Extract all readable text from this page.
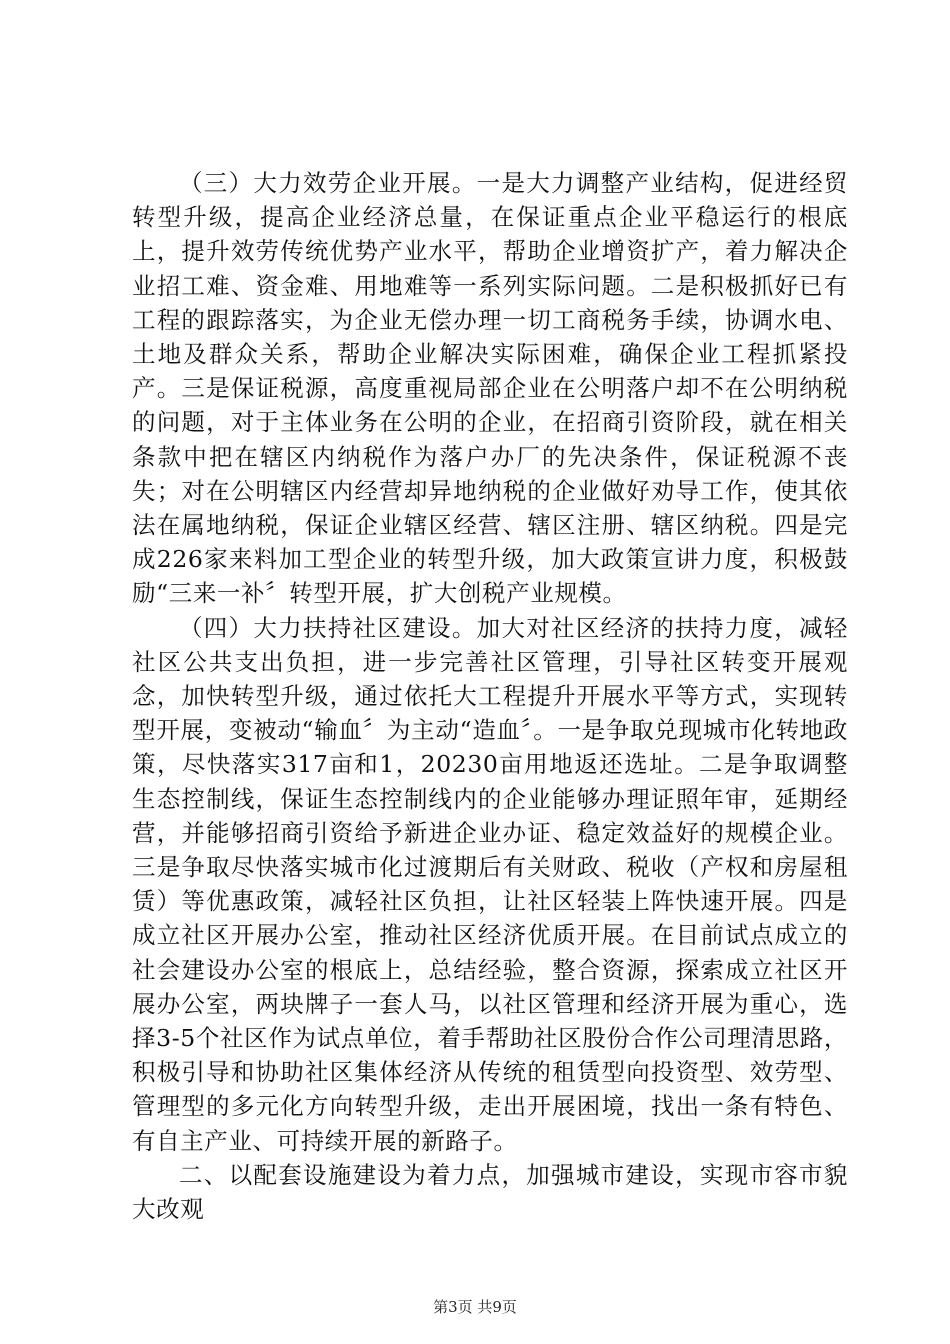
（三）大力效劳企业开展。一是大力调整产业结构，促进经贸转型升级，提高企业经济总量，在保证重点企业平稳运行的根底上，提升效劳传统优势产业水平，帮助企业增资扩产，着力解决企业招工难、资金难、用地难等一系列实际问题。二是积极抓好已有工程的跟踪落实，为企业无偿办理一切工商税务手续，协调水电、土地及群众关系，帮助企业解决实际困难，确保企业工程抓紧投产。三是保证税源，高度重视局部企业在公明落户却不在公明纳税的问题，对于主体业务在公明的企业，在招商引资阶段，就在相关条款中把在辖区内纳税作为落户办厂的先决条件，保证税源不丧失；对在公明辖区内经营却异地纳税的企业做好劝导工作，使其依法在属地纳税，保证企业辖区经营、辖区注册、辖区纳税。四是完成226家来料加工型企业的转型升级，加大政策宣讲力度，积极鼓励“三来一补〞转型开展，扩大创税产业规模。

（四）大力扶持社区建设。加大对社区经济的扶持力度，减轻社区公共支出负担，进一步完善社区管理，引导社区转变开展观念，加快转型升级，通过依托大工程提升开展水平等方式，实现转型开展，变被动“输血〞为主动“造血〞。一是争取兑现城市化转地政策，尽快落实317亩和1，20230亩用地返还选址。二是争取调整生态控制线，保证生态控制线内的企业能够办理证照年审，延期经营，并能够招商引资给予新进企业办证、稳定效益好的规模企业。三是争取尽快落实城市化过渡期后有关财政、税收（产权和房屋租赁）等优惠政策，减轻社区负担，让社区轻装上阵快速开展。四是成立社区开展办公室，推动社区经济优质开展。在目前试点成立的社会建设办公室的根底上，总结经验，整合资源，探索成立社区开展办公室，两块牌子一套人马，以社区管理和经济开展为重心，选择3-5个社区作为试点单位，着手帮助社区股份合作公司理清思路，积极引导和协助社区集体经济从传统的租赁型向投资型、效劳型、管理型的多元化方向转型升级，走出开展困境，找出一条有特色、有自主产业、可持续开展的新路子。

二、以配套设施建设为着力点，加强城市建设，实现市容市貌大改观

第3页 共9页
